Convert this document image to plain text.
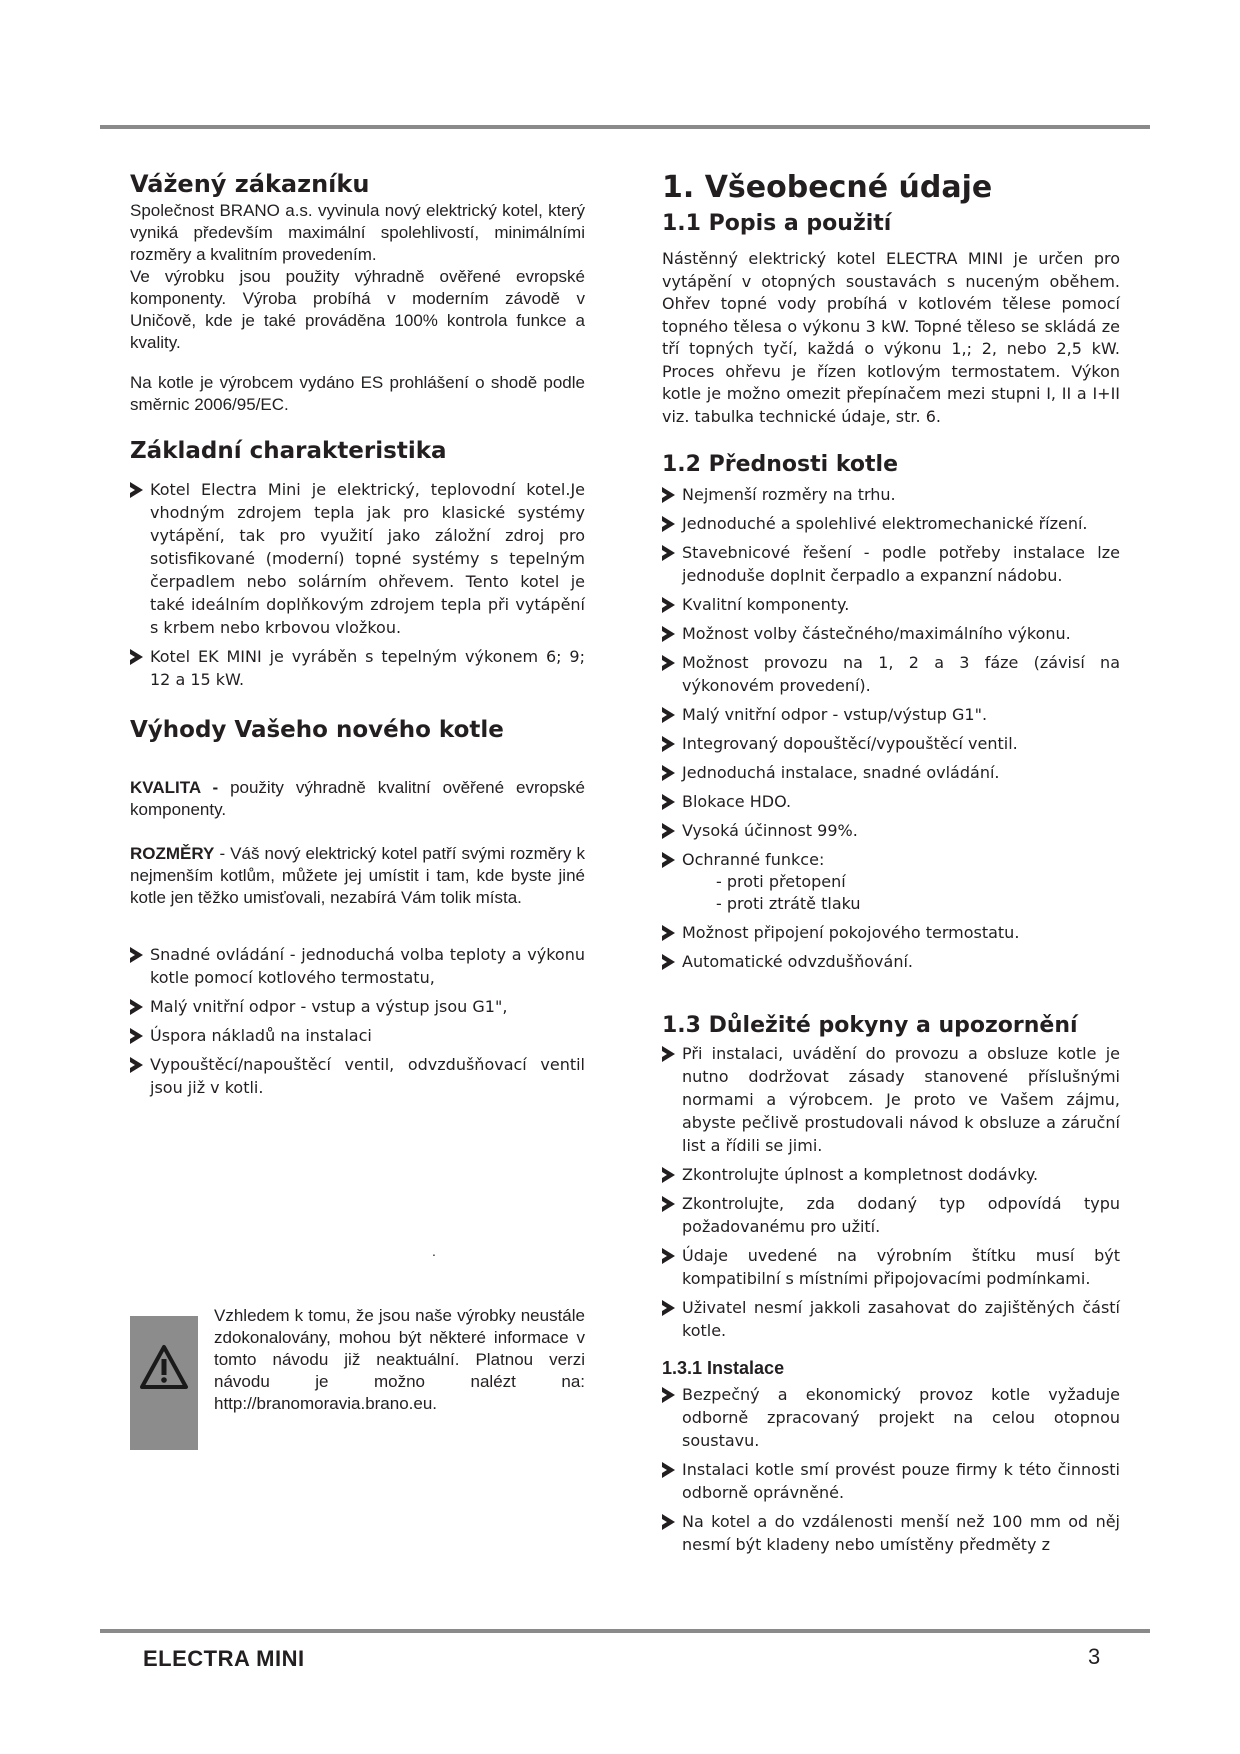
Vážený zákazníku

Společnost BRANO a.s. vyvinula nový elektrický kotel, který vyniká především maximální spolehlivostí, minimálními rozměry a kvalitním provedením.

Ve výrobku jsou použity výhradně ověřené evropské komponenty. Výroba probíhá v moderním závodě v Uničově, kde je také prováděna 100% kontrola funkce a kvality.

Na kotle je výrobcem vydáno ES prohlášení o shodě podle směrnic 2006/95/EC.

Základní charakteristika
Kotel Electra Mini je elektrický, teplovodní kotel.Je vhodným zdrojem tepla jak pro klasické systémy vytápění, tak pro využití jako záložní zdroj pro sotisfikované (moderní) topné systémy s tepelným čerpadlem nebo solárním ohřevem. Tento kotel je také ideálním doplňkovým zdrojem tepla při vytápění s krbem nebo krbovou vložkou.
Kotel EK MINI je vyráběn s tepelným výkonem 6; 9; 12 a 15 kW.
Výhody Vašeho nového kotle

KVALITA - použity výhradně kvalitní ověřené evropské komponenty.

ROZMĚRY - Váš nový elektrický kotel patří svými rozměry k nejmenším kotlům, můžete jej umístit i tam, kde byste jiné kotle jen těžko umisťovali, nezabírá Vám tolik místa.

Snadné ovládání - jednoduchá volba teploty a výkonu kotle pomocí kotlového termostatu,
Malý vnitřní odpor - vstup a výstup jsou G1",
Úspora nákladů na instalaci
Vypouštěcí/napouštěcí ventil, odvzdušňovací ventil jsou již v kotli.
.

Vzhledem k tomu, že jsou naše výrobky neustále zdokonalovány, mohou být některé informace v tomto návodu již neaktuální. Platnou verzi návodu je možno nalézt na: http://branomoravia.brano.eu.

1. Všeobecné údaje
1.1 Popis a použití

Nástěnný elektrický kotel ELECTRA MINI je určen pro vytápění v otopných soustavách s nuceným oběhem. Ohřev topné vody probíhá v kotlovém tělese pomocí topného tělesa o výkonu 3 kW. Topné těleso se skládá ze tří topných tyčí, každá o výkonu 1,; 2, nebo 2,5 kW. Proces ohřevu je řízen kotlovým termostatem. Výkon kotle je možno omezit přepínačem mezi stupni I, II a I+II viz. tabulka technické údaje, str. 6.

1.2 Přednosti kotle
Nejmenší rozměry na trhu.
Jednoduché a spolehlivé elektromechanické řízení.
Stavebnicové řešení - podle potřeby instalace lze jednoduše doplnit čerpadlo a expanzní nádobu.
Kvalitní komponenty.
Možnost volby částečného/maximálního výkonu.
Možnost provozu na 1, 2 a 3 fáze (závisí na výkonovém provedení).
Malý vnitřní odpor - vstup/výstup G1".
Integrovaný dopouštěcí/vypouštěcí ventil.
Jednoduchá instalace, snadné ovládání.
Blokace HDO.
Vysoká účinnost 99%.
Ochranné funkce:
- proti přetopení
- proti ztrátě tlaku
Možnost připojení pokojového termostatu.
Automatické odvzdušňování.
1.3 Důležité pokyny a upozornění
Při instalaci, uvádění do provozu a obsluze kotle je nutno dodržovat zásady stanovené příslušnými normami a výrobcem. Je proto ve Vašem zájmu, abyste pečlivě prostudovali návod k obsluze a záruční list a řídili se jimi.
Zkontrolujte úplnost a kompletnost dodávky.
Zkontrolujte, zda dodaný typ odpovídá typu požadovanému pro užití.
Údaje uvedené na výrobním štítku musí být kompatibilní s místními připojovacími podmínkami.
Uživatel nesmí jakkoli zasahovat do zajištěných částí kotle.
1.3.1 Instalace
Bezpečný a ekonomický provoz kotle vyžaduje odborně zpracovaný projekt na celou otopnou soustavu.
Instalaci kotle smí provést pouze firmy k této činnosti odborně oprávněné.
Na kotel a do vzdálenosti menší než 100 mm od něj nesmí být kladeny nebo umístěny předměty z
ELECTRA MINI	3
